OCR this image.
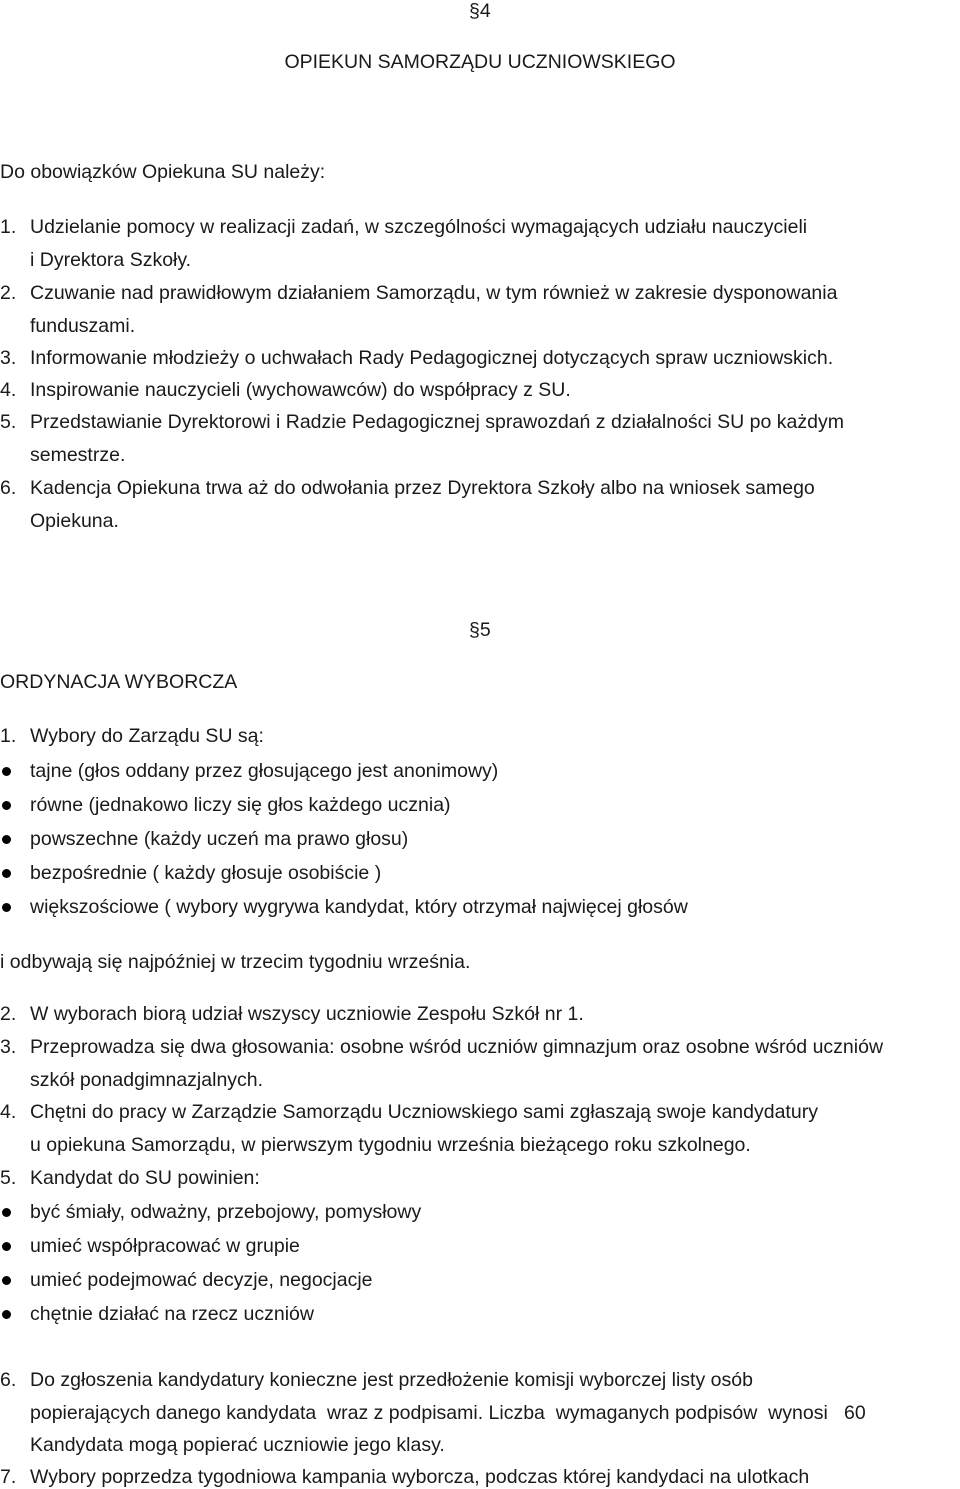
§4
OPIEKUN SAMORZĄDU UCZNIOWSKIEGO
Do obowiązków Opiekuna SU należy:
1. Udzielanie pomocy w realizacji zadań, w szczególności wymagających udziału nauczycieli
i Dyrektora Szkoły.
2. Czuwanie nad prawidłowym działaniem Samorządu, w tym również w zakresie dysponowania
funduszami.
3. Informowanie młodzieży o uchwałach Rady Pedagogicznej dotyczących spraw uczniowskich.
4. Inspirowanie nauczycieli (wychowawców) do współpracy z SU.
5. Przedstawianie Dyrektorowi i Radzie Pedagogicznej sprawozdań z działalności SU po każdym
semestrze.
6. Kadencja Opiekuna trwa aż do odwołania przez Dyrektora Szkoły albo na wniosek samego
Opiekuna.
§5
ORDYNACJA WYBORCZA
1. Wybory do Zarządu SU są:
tajne (głos oddany przez głosującego jest anonimowy)
równe (jednakowo liczy się głos każdego ucznia)
powszechne (każdy uczeń ma prawo głosu)
bezpośrednie ( każdy głosuje osobiście )
większościowe ( wybory wygrywa kandydat, który otrzymał najwięcej głosów
i odbywają się najpóźniej w trzecim tygodniu września.
2. W wyborach biorą udział wszyscy uczniowie Zespołu Szkół nr 1.
3. Przeprowadza się dwa głosowania: osobne wśród uczniów gimnazjum oraz osobne wśród uczniów
szkół ponadgimnazjalnych.
4. Chętni do pracy w Zarządzie Samorządu Uczniowskiego sami zgłaszają swoje kandydatury
u opiekuna Samorządu, w pierwszym tygodniu września bieżącego roku szkolnego.
5. Kandydat do SU powinien:
być śmiały, odważny, przebojowy, pomysłowy
umieć współpracować w grupie
umieć podejmować decyzje, negocjacje
chętnie działać na rzecz uczniów
6. Do zgłoszenia kandydatury konieczne jest przedłożenie komisji wyborczej listy osób
popierających danego kandydata  wraz z podpisami. Liczba  wymaganych podpisów  wynosi   60
Kandydata mogą popierać uczniowie jego klasy.
7. Wybory poprzedza tygodniowa kampania wyborcza, podczas której kandydaci na ulotkach
